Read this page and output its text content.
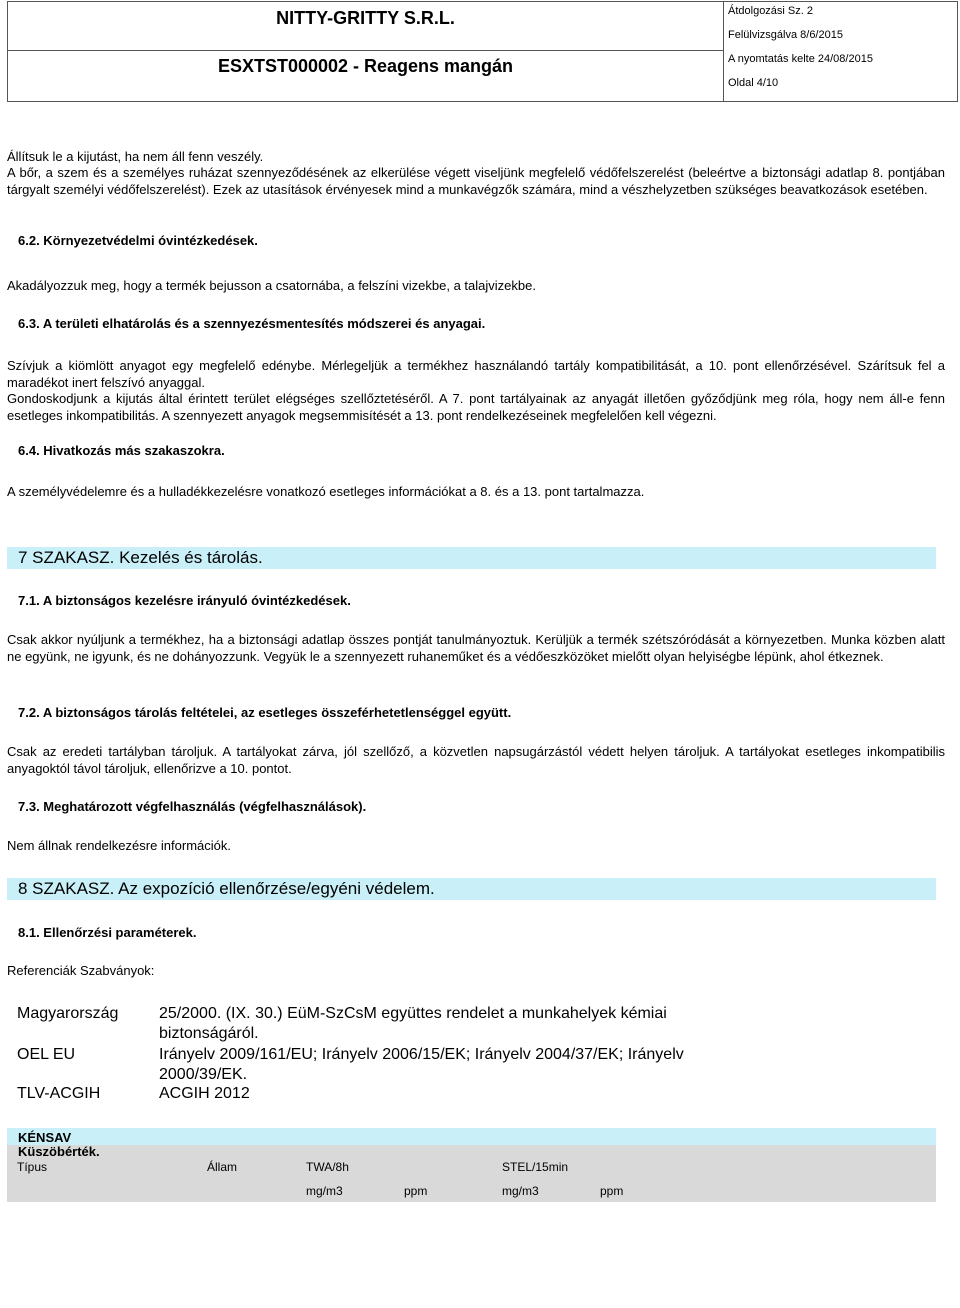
NITTY-GRITTY S.R.L.
ESXTST000002 - Reagens mangán
Átdolgozási Sz. 2
Felülvizsgálva 8/6/2015
A nyomtatás kelte 24/08/2015
Oldal 4/10
Állítsuk le a kijutást, ha nem áll fenn veszély.
A bőr, a szem és a személyes ruházat szennyeződésének az elkerülése végett viseljünk megfelelő védőfelszerelést (beleértve a biztonsági adatlap 8. pontjában tárgyalt személyi védőfelszerelést). Ezek az utasítások érvényesek mind a munkavégzők számára, mind a vészhelyzetben szükséges beavatkozások esetében.
6.2. Környezetvédelmi óvintézkedések.
Akadályozzuk meg, hogy a termék bejusson a csatornába, a felszíni vizekbe, a talajvizekbe.
6.3. A területi elhatárolás és a szennyezésmentesítés módszerei és anyagai.
Szívjuk a kiömlött anyagot egy megfelelő edénybe. Mérlegeljük a termékhez használandó tartály kompatibilitását, a 10. pont ellenőrzésével. Szárítsuk fel a maradékot inert felszívó anyaggal.
Gondoskodjunk a kijutás által érintett terület elégséges szellőztetéséről. A 7. pont tartályainak az anyagát illetően győződjünk meg róla, hogy nem áll-e fenn esetleges inkompatibilitás. A szennyezett anyagok megsemmisítését a 13. pont rendelkezéseinek megfelelően kell végezni.
6.4. Hivatkozás más szakaszokra.
A személyvédelemre és a hulladékkezelésre vonatkozó esetleges információkat a 8. és a 13. pont tartalmazza.
7 SZAKASZ. Kezelés és tárolás.
7.1. A biztonságos kezelésre irányuló óvintézkedések.
Csak akkor nyúljunk a termékhez, ha a biztonsági adatlap összes pontját tanulmányoztuk. Kerüljük a termék szétszóródását a környezetben. Munka közben alatt ne együnk, ne igyunk, és ne dohányozzunk. Vegyük le a szennyezett ruhaneműket és a védőeszközöket mielőtt olyan helyiségbe lépünk, ahol étkeznek.
7.2. A biztonságos tárolás feltételei, az esetleges összeférhetetlenséggel együtt.
Csak az eredeti tartályban tároljuk. A tartályokat zárva, jól szellőző, a közvetlen napsugárzástól védett helyen tároljuk. A tartályokat esetleges inkompatibilis anyagoktól távol tároljuk, ellenőrizve a 10. pontot.
7.3. Meghatározott végfelhasználás (végfelhasználások).
Nem állnak rendelkezésre információk.
8 SZAKASZ. Az expozíció ellenőrzése/egyéni védelem.
8.1. Ellenőrzési paraméterek.
Referenciák Szabványok:
Magyarország	25/2000. (IX. 30.) EüM-SzCsM együttes rendelet a munkahelyek kémiai biztonságáról.
OEL EU	Irányelv 2009/161/EU; Irányelv 2006/15/EK; Irányelv 2004/37/EK; Irányelv 2000/39/EK.
TLV-ACGIH	ACGIH 2012
KÉNSAV
Küszöbérték.
Típus	Állam	TWA/8h	STEL/15min
mg/m3	ppm	mg/m3	ppm
